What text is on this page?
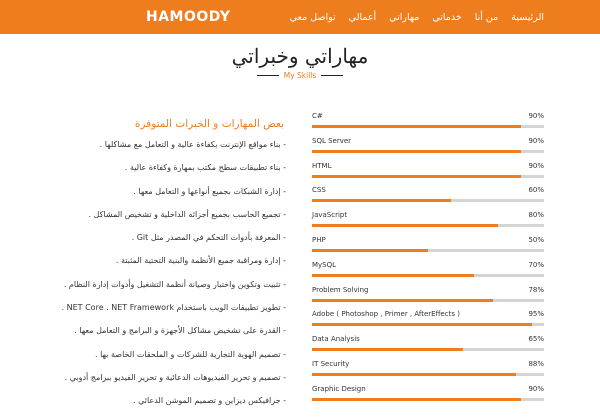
HAMOODY	الرئيسية
من أنا
خدماتي
مهاراتي
أعمالي
تواصل معي
مهاراتي وخبراتي
My Skills
بعض المهارات و الخبرات المتوفرة
- بناء مواقع الإنترنت بكفاءة عالية و التعامل مع مشاكلها .
- بناء تطبيقات سطح مكتب بمهارة وكفاءة عالية .
- إدارة الشبكات بجميع أنواعها و التعامل معها .
- تجميع الحاسب بجميع أجزائه الداخلية و تشخيص المشاكل .
- المعرفة بأدوات التحكم في المصدر مثل Git .
- إدارة ومراقبة جميع الأنظمة والبنية التحتية المثبتة .
- تثبيت وتكوين واختبار وصيانة أنظمة التشغيل وأدوات إدارة النظام .
- تطوير تطبيقات الويب باستخدام NET Core . NET Framework .
- القدرة على تشخيص مشاكل الأجهزة و البرامج و التعامل معها .
- تصميم الهوية التجارية للشركات و الملحقات الخاصة بها .
- تصميم و تحرير الفيديوهات الدعائية و تحرير الفيديو ببرامج أدوبي .
- جرافيكس ديزاين و تصميم الموشن الدعائي .
C#	90%
SQL Server	90%
HTML	90%
CSS	60%
JavaScript	80%
PHP	50%
MySQL	70%
Problem Solving	78%
Adobe ( Photoshop , Primer , AfterEffects )	95%
Data Analysis	65%
IT Security	88%
Graphic Design	90%
